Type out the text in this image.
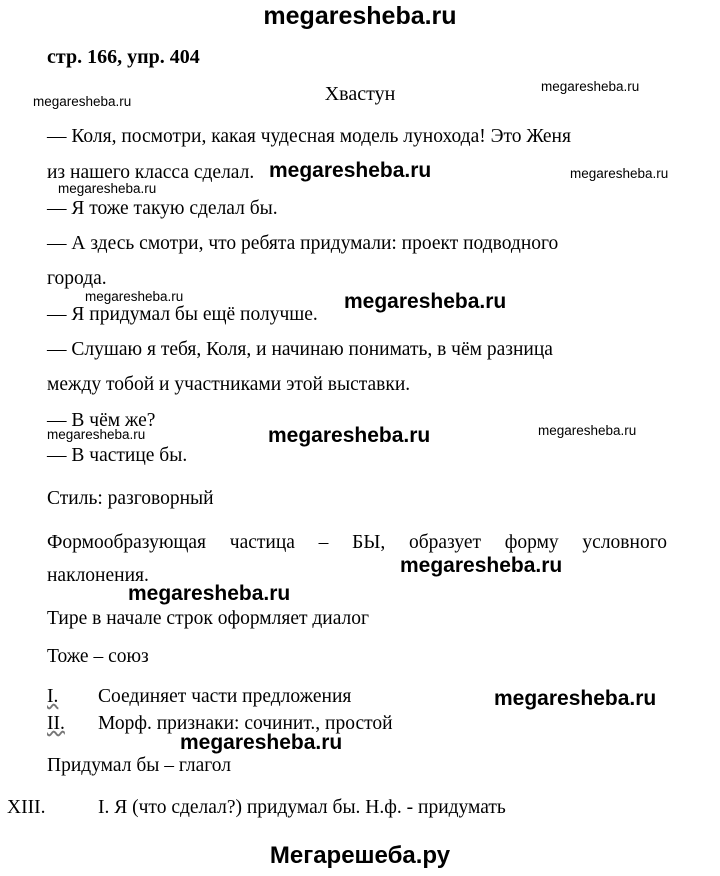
megaresheba.ru
стр. 166, упр. 404
Хвастун
megaresheba.ru
megaresheba.ru
megaresheba.ru
megaresheba.ru
megaresheba.ru
megaresheba.ru	megaresheba.ru
megaresheba.ru
megaresheba.ru
megaresheba.ru
megaresheba.ru
megaresheba.ru
megaresheba.ru
megaresheba.ru
— Коля, посмотри, какая чудесная модель лунохода! Это Женя
из нашего класса сделал.
— Я тоже такую сделал бы.
— А здесь смотри, что ребята придумали: проект подводного
города.
— Я придумал бы ещё получше.
— Слушаю я тебя, Коля, и начинаю понимать, в чём разница
между тобой и участниками этой выставки.
— В чём же?
— В частице бы.
Стиль: разговорный
Формообразующая частица – БЫ, образует форму условного
наклонения.
Тире в начале строк оформляет диалог
Тоже – союз
I. Соединяет части предложения
II. Морф. признаки: сочинит., простой
Придумал бы – глагол
XIII.	I. Я (что сделал?) придумал бы. Н.ф. - придумать
Мегарешеба.ру
